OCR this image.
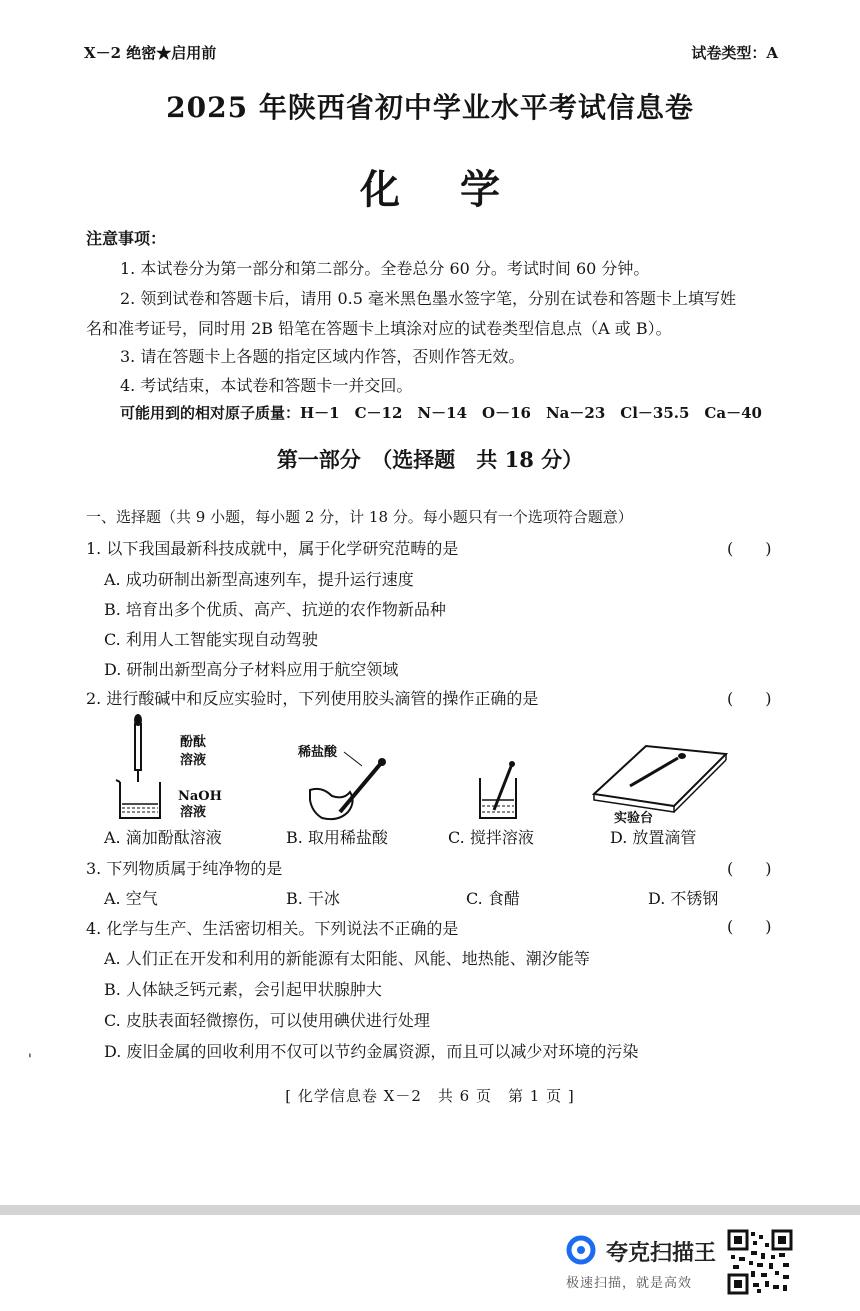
X－2 绝密★启用前	试卷类型：A
2025 年陕西省初中学业水平考试信息卷
化学
注意事项：
1. 本试卷分为第一部分和第二部分。全卷总分 60 分。考试时间 60 分钟。
2. 领到试卷和答题卡后，请用 0.5 毫米黑色墨水签字笔，分别在试卷和答题卡上填写姓
名和准考证号，同时用 2B 铅笔在答题卡上填涂对应的试卷类型信息点（A 或 B）。
3. 请在答题卡上各题的指定区域内作答，否则作答无效。
4. 考试结束，本试卷和答题卡一并交回。
可能用到的相对原子质量：H－1　C－12　N－14　O－16　Na－23　Cl－35.5　Ca－40
第一部分　（选择题　共 18 分）
一、选择题（共 9 小题，每小题 2 分，计 18 分。每小题只有一个选项符合题意）
1. 以下我国最新科技成就中，属于化学研究范畴的是	(　　)
A. 成功研制出新型高速列车，提升运行速度
B. 培育出多个优质、高产、抗逆的农作物新品种
C. 利用人工智能实现自动驾驶
D. 研制出新型高分子材料应用于航空领域
2. 进行酸碱中和反应实验时，下列使用胶头滴管的操作正确的是	(　　)
酚酞
溶液
NaOH
溶液
稀盐酸
实验台
A. 滴加酚酞溶液	B. 取用稀盐酸	C. 搅拌溶液	D. 放置滴管
3. 下列物质属于纯净物的是	(　　)
A. 空气	B. 干冰	C. 食醋	D. 不锈钢
4. 化学与生产、生活密切相关。下列说法不正确的是	(　　)
A. 人们正在开发和利用的新能源有太阳能、风能、地热能、潮汐能等
B. 人体缺乏钙元素，会引起甲状腺肿大
C. 皮肤表面轻微擦伤，可以使用碘伏进行处理
D. 废旧金属的回收利用不仅可以节约金属资源，而且可以减少对环境的污染
[ 化学信息卷 X－2　共 6 页　第 1 页 ]
夸克扫描王
极速扫描，就是高效
'
